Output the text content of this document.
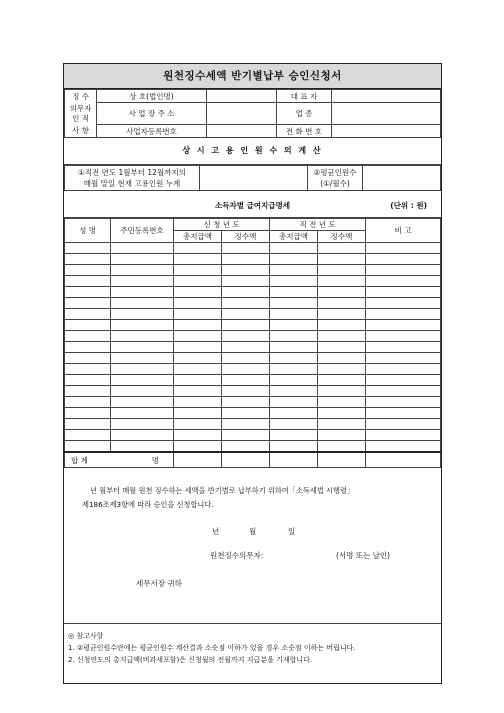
원천징수세액 반기별납부 승인신청서
징 수	상 호(법인명)		대 표 자	

의무자
인 적	사 업 장 주 소		업 종	
사 항	사업자등록번호		전 화 번 호	
상 시 고 용 인 원 수 의 계 산
①직전 연도 1월부터 12월까지의
매월 말일 현재 고용인원 누계

②평균인원수
(①/월수)

소득자별 급여지급명세	(단위 : 원)
성 명	주민등록번호	신 청 년 도		직 전 년 도		비 고
		총지급액	징수액	총지급액	징수액	

합 계 명						

년 월부터 매월 원천 징수하는 세액을 반기별로 납부하기 위하여「소득세법 시행령」
제186조제3항에 따라 승인을 신청합니다.
년	월	일
원천징수의무자:	(서명 또는 날인)
세무서장 귀하
◎ 참고사항
1. ②평균인원수란에는 평균인원수 계산결과 소숫점 이하가 있을 경우 소숫점 이하는 버립니다.
2. 신청연도의 총지급액(비과세포함)은 신청월의 전월까지 지급분을 기재합니다.
